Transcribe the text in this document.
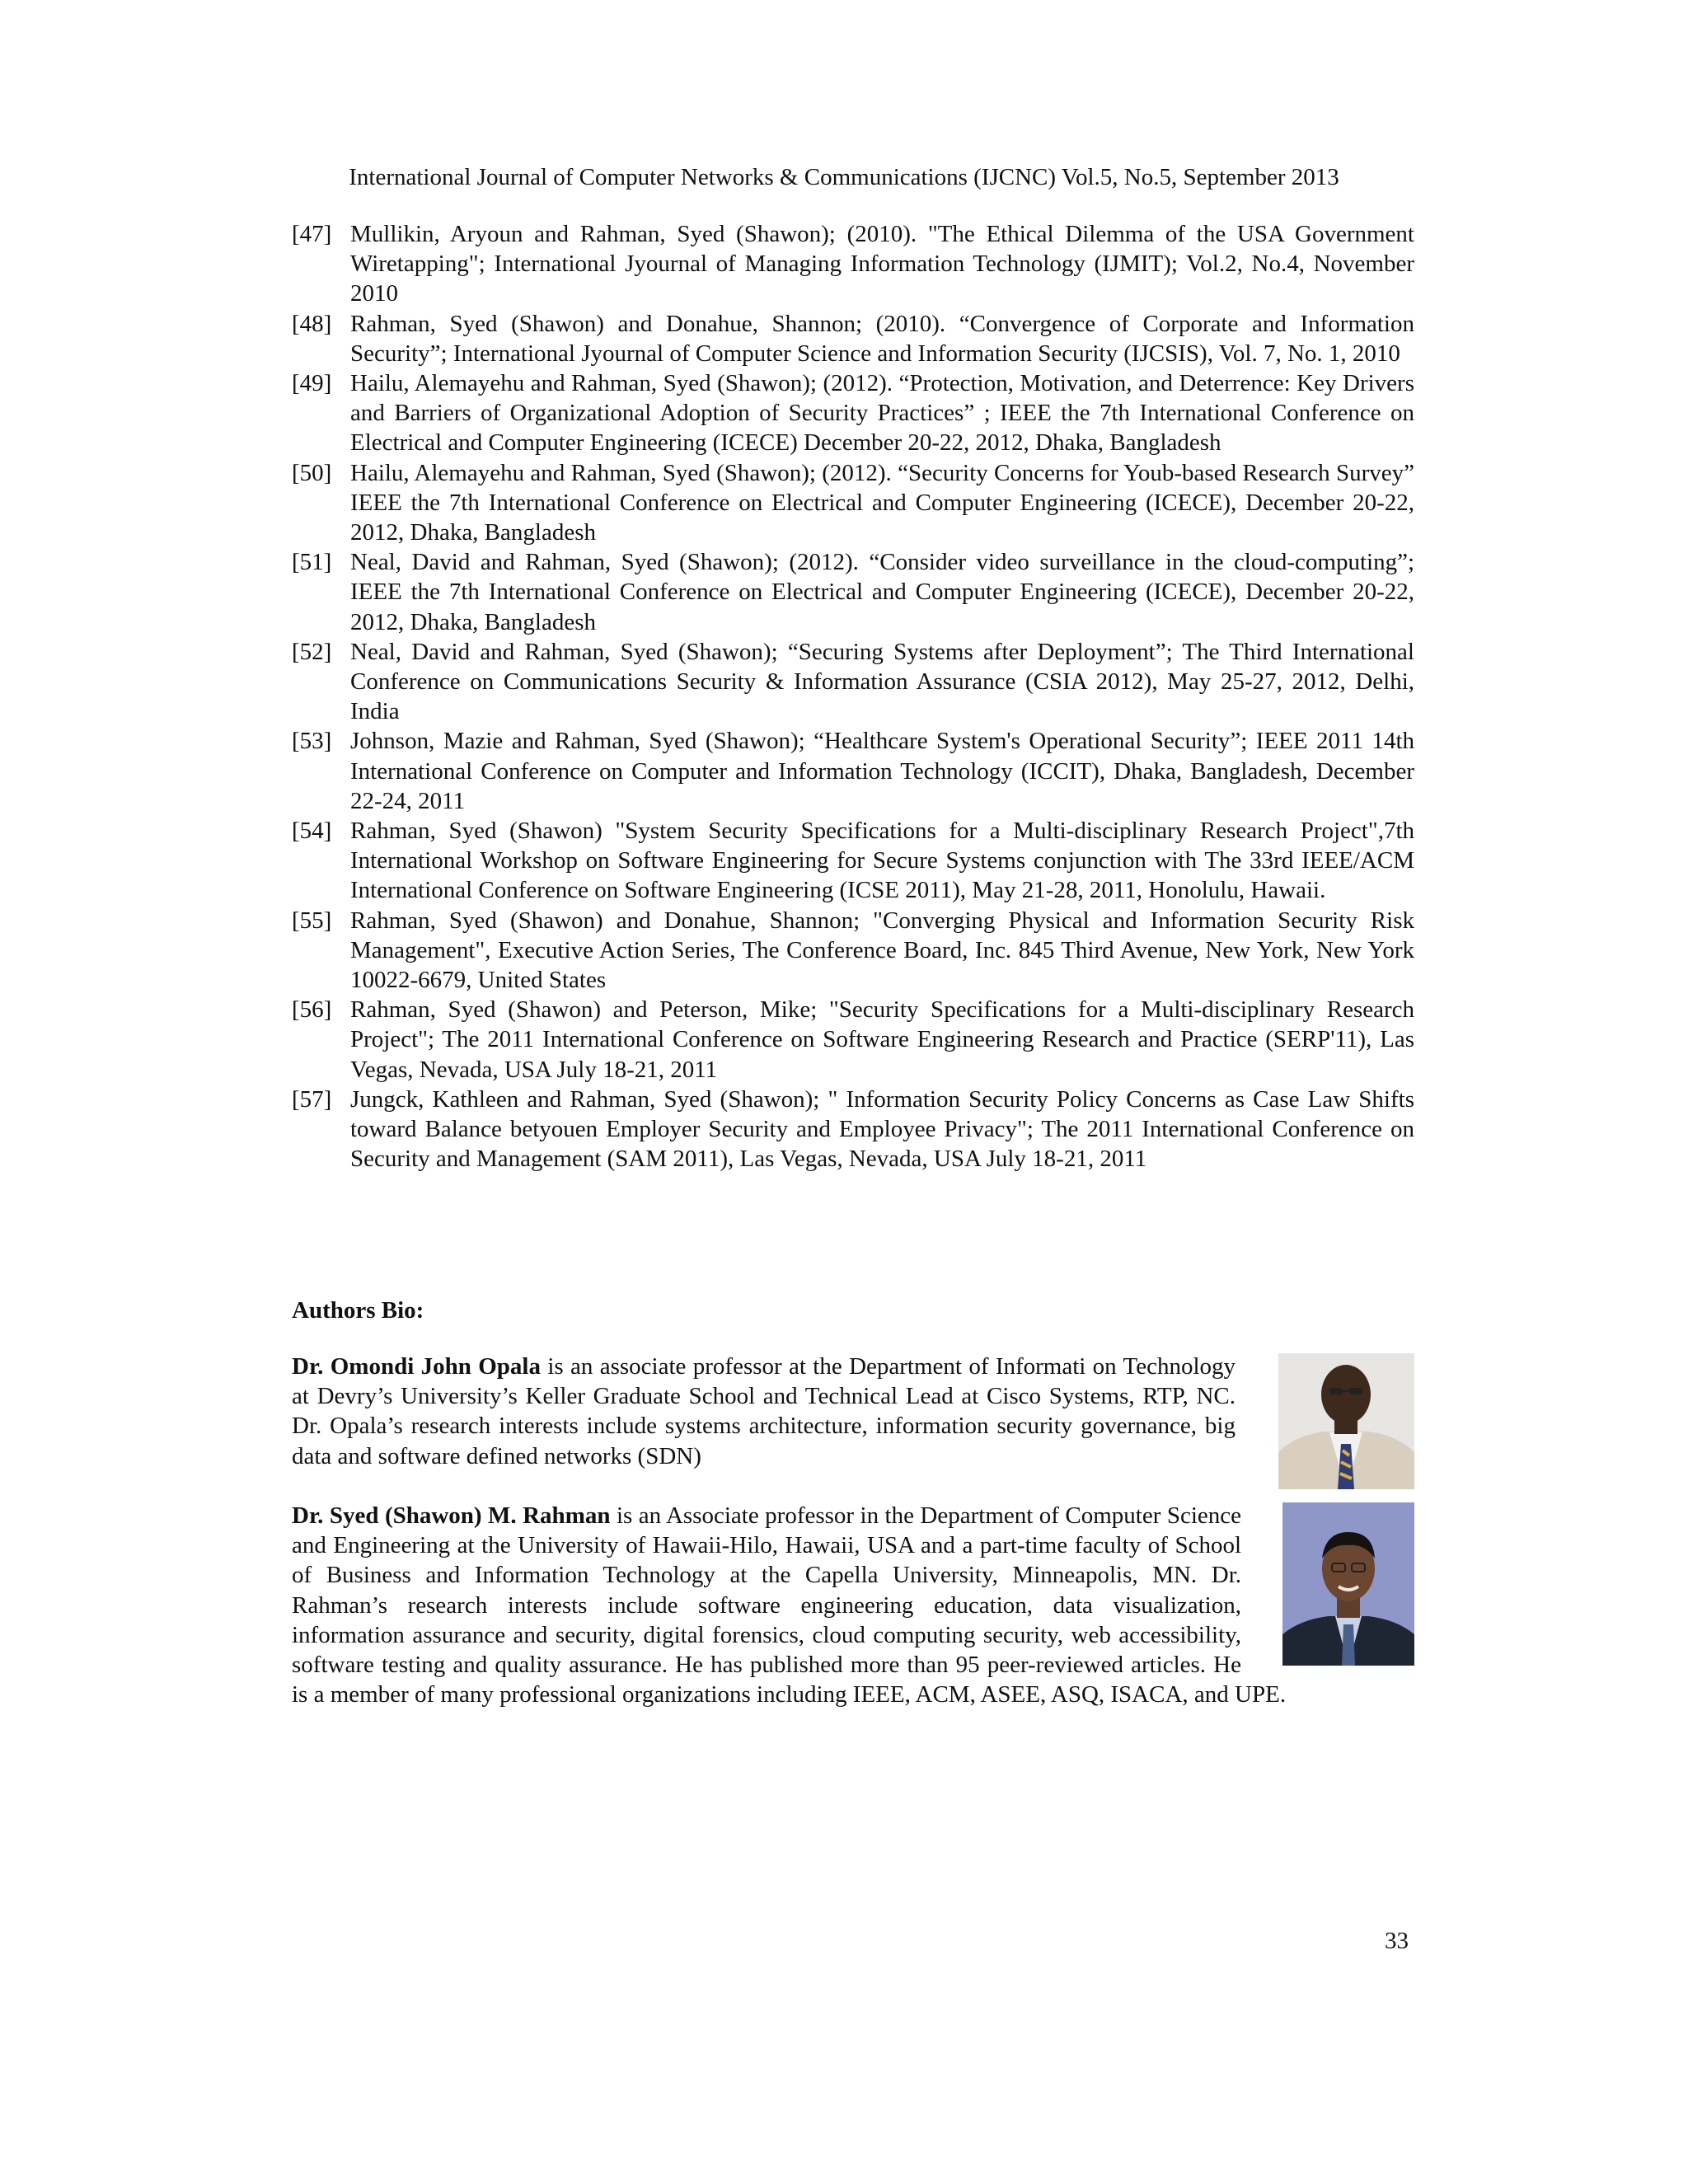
International Journal of Computer Networks & Communications (IJCNC) Vol.5, No.5, September 2013
[47] Mullikin, Aryoun and Rahman, Syed (Shawon); (2010). "The Ethical Dilemma of the USA Government Wiretapping"; International Jyournal of Managing Information Technology (IJMIT); Vol.2, No.4, November 2010
[48] Rahman, Syed (Shawon) and Donahue, Shannon; (2010). “Convergence of Corporate and Information Security”; International Jyournal of Computer Science and Information Security (IJCSIS), Vol. 7, No. 1, 2010
[49] Hailu, Alemayehu and Rahman, Syed (Shawon); (2012). “Protection, Motivation, and Deterrence: Key Drivers and Barriers of Organizational Adoption of Security Practices” ; IEEE the 7th International Conference on Electrical and Computer Engineering (ICECE) December 20-22, 2012, Dhaka, Bangladesh
[50] Hailu, Alemayehu and Rahman, Syed (Shawon); (2012). “Security Concerns for Youb-based Research Survey” IEEE the 7th International Conference on Electrical and Computer Engineering (ICECE), December 20-22, 2012, Dhaka, Bangladesh
[51] Neal, David and Rahman, Syed (Shawon); (2012). “Consider video surveillance in the cloud-computing”; IEEE the 7th International Conference on Electrical and Computer Engineering (ICECE), December 20-22, 2012, Dhaka, Bangladesh
[52] Neal, David and Rahman, Syed (Shawon); “Securing Systems after Deployment”; The Third International Conference on Communications Security & Information Assurance (CSIA 2012), May 25-27, 2012, Delhi, India
[53] Johnson, Mazie and Rahman, Syed (Shawon); “Healthcare System's Operational Security”; IEEE 2011 14th International Conference on Computer and Information Technology (ICCIT), Dhaka, Bangladesh, December 22-24, 2011
[54] Rahman, Syed (Shawon) "System Security Specifications for a Multi-disciplinary Research Project",7th International Workshop on Software Engineering for Secure Systems conjunction with The 33rd IEEE/ACM International Conference on Software Engineering (ICSE 2011), May 21-28, 2011, Honolulu, Hawaii.
[55] Rahman, Syed (Shawon) and Donahue, Shannon; "Converging Physical and Information Security Risk Management", Executive Action Series, The Conference Board, Inc. 845 Third Avenue, New York, New York 10022-6679, United States
[56] Rahman, Syed (Shawon) and Peterson, Mike; "Security Specifications for a Multi-disciplinary Research Project"; The 2011 International Conference on Software Engineering Research and Practice (SERP'11), Las Vegas, Nevada, USA July 18-21, 2011
[57] Jungck, Kathleen and Rahman, Syed (Shawon); " Information Security Policy Concerns as Case Law Shifts toward Balance betyouen Employer Security and Employee Privacy"; The 2011 International Conference on Security and Management (SAM 2011), Las Vegas, Nevada, USA July 18-21, 2011
Authors Bio:
Dr. Omondi John Opala is an associate professor at the Department of Informati on Technology at Devry’s University’s Keller Graduate School and Technical Lead at Cisco Systems, RTP, NC. Dr. Opala’s research interests include systems architecture, information security governance, big data and software defined networks (SDN)
Dr. Syed (Shawon) M. Rahman is an Associate professor in the Department of Computer Science and Engineering at the University of Hawaii-Hilo, Hawaii, USA and a part-time faculty of School of Business and Information Technology at the Capella University, Minneapolis, MN. Dr. Rahman’s research interests include software engineering education, data visualization, information assurance and security, digital forensics, cloud computing security, web accessibility, software testing and quality assurance. He has published more than 95 peer-reviewed articles. He is a member of many professional organizations including IEEE, ACM, ASEE, ASQ, ISACA, and UPE.
33
